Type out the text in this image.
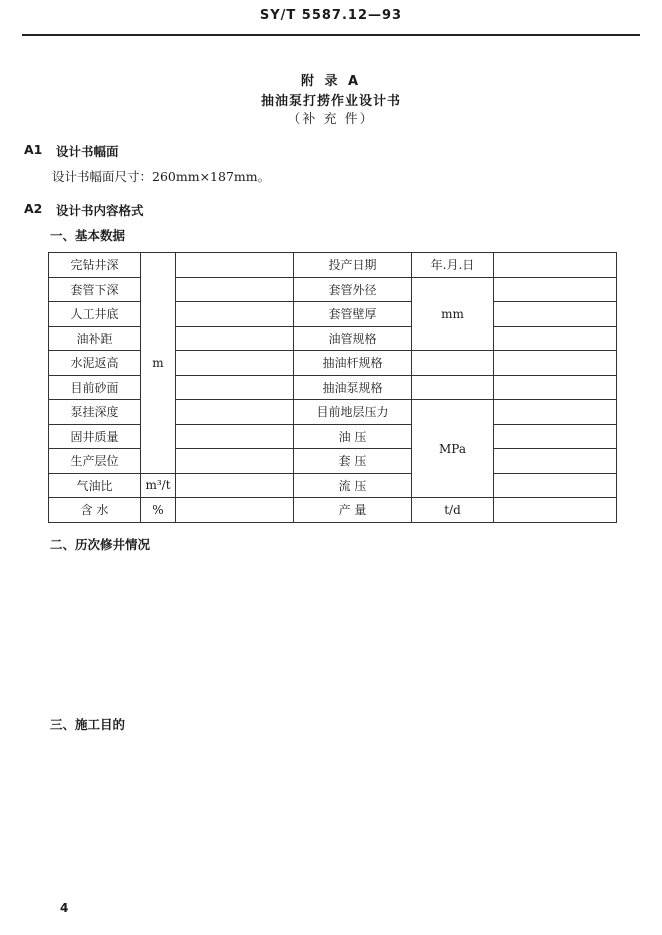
SY/T 5587.12—93
附 录 A
抽油泵打捞作业设计书
（补 充 件）
A1 设计书幅面
设计书幅面尺寸：260mm×187mm。
A2 设计书内容格式
一、基本数据
完钻井深	m		投产日期	年.月.日	
套管下深			套管外径	mm	
人工井底			套管壁厚		
油补距			油管规格		
水泥返高			抽油杆规格		
目前砂面			抽油泵规格		
泵挂深度			目前地层压力	MPa	
固井质量			油 压		
生产层位			套 压		
气油比	m³/t		流 压		
含 水	%		产 量	t/d	
二、历次修井情况
三、施工目的
4
